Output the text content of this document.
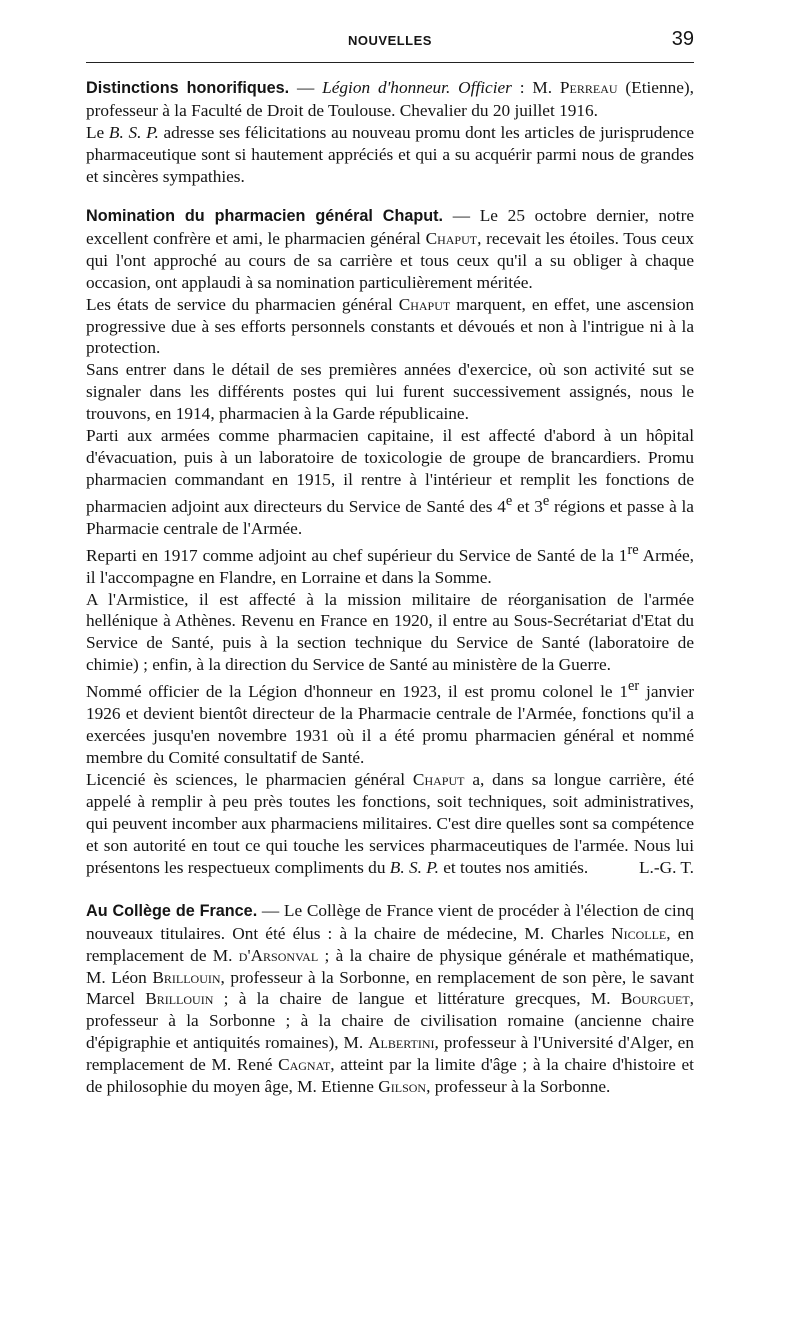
NOUVELLES	39

Distinctions honorifiques. — Légion d'honneur. Officier : M. Perreau (Etienne), professeur à la Faculté de Droit de Toulouse. Chevalier du 20 juillet 1916.

Le B. S. P. adresse ses félicitations au nouveau promu dont les articles de jurisprudence pharmaceutique sont si hautement appréciés et qui a su acquérir parmi nous de grandes et sincères sympathies.

Nomination du pharmacien général Chaput. — Le 25 octobre dernier, notre excellent confrère et ami, le pharmacien général Chaput, recevait les étoiles. Tous ceux qui l'ont approché au cours de sa carrière et tous ceux qu'il a su obliger à chaque occasion, ont applaudi à sa nomination particulièrement méritée.

Les états de service du pharmacien général Chaput marquent, en effet, une ascension progressive due à ses efforts personnels constants et dévoués et non à l'intrigue ni à la protection.

Sans entrer dans le détail de ses premières années d'exercice, où son activité sut se signaler dans les différents postes qui lui furent successivement assignés, nous le trouvons, en 1914, pharmacien à la Garde républicaine.

Parti aux armées comme pharmacien capitaine, il est affecté d'abord à un hôpital d'évacuation, puis à un laboratoire de toxicologie de groupe de brancardiers. Promu pharmacien commandant en 1915, il rentre à l'intérieur et remplit les fonctions de pharmacien adjoint aux directeurs du Service de Santé des 4e et 3e régions et passe à la Pharmacie centrale de l'Armée.

Reparti en 1917 comme adjoint au chef supérieur du Service de Santé de la 1re Armée, il l'accompagne en Flandre, en Lorraine et dans la Somme.

A l'Armistice, il est affecté à la mission militaire de réorganisation de l'armée hellénique à Athènes. Revenu en France en 1920, il entre au Sous-Secrétariat d'Etat du Service de Santé, puis à la section technique du Service de Santé (laboratoire de chimie) ; enfin, à la direction du Service de Santé au ministère de la Guerre.

Nommé officier de la Légion d'honneur en 1923, il est promu colonel le 1er janvier 1926 et devient bientôt directeur de la Pharmacie centrale de l'Armée, fonctions qu'il a exercées jusqu'en novembre 1931 où il a été promu pharmacien général et nommé membre du Comité consultatif de Santé.

Licencié ès sciences, le pharmacien général Chaput a, dans sa longue carrière, été appelé à remplir à peu près toutes les fonctions, soit techniques, soit administratives, qui peuvent incomber aux pharmaciens militaires. C'est dire quelles sont sa compétence et son autorité en tout ce qui touche les services pharmaceutiques de l'armée. Nous lui présentons les respectueux compliments du B. S. P. et toutes nos amitiés.	L.-G. T.

Au Collège de France. — Le Collège de France vient de procéder à l'élection de cinq nouveaux titulaires. Ont été élus : à la chaire de médecine, M. Charles Nicolle, en remplacement de M. d'Arsonval ; à la chaire de physique générale et mathématique, M. Léon Brillouin, professeur à la Sorbonne, en remplacement de son père, le savant Marcel Brillouin ; à la chaire de langue et littérature grecques, M. Bourguet, professeur à la Sorbonne ; à la chaire de civilisation romaine (ancienne chaire d'épigraphie et antiquités romaines), M. Albertini, professeur à l'Université d'Alger, en remplacement de M. René Cagnat, atteint par la limite d'âge ; à la chaire d'histoire et de philosophie du moyen âge, M. Etienne Gilson, professeur à la Sorbonne.
